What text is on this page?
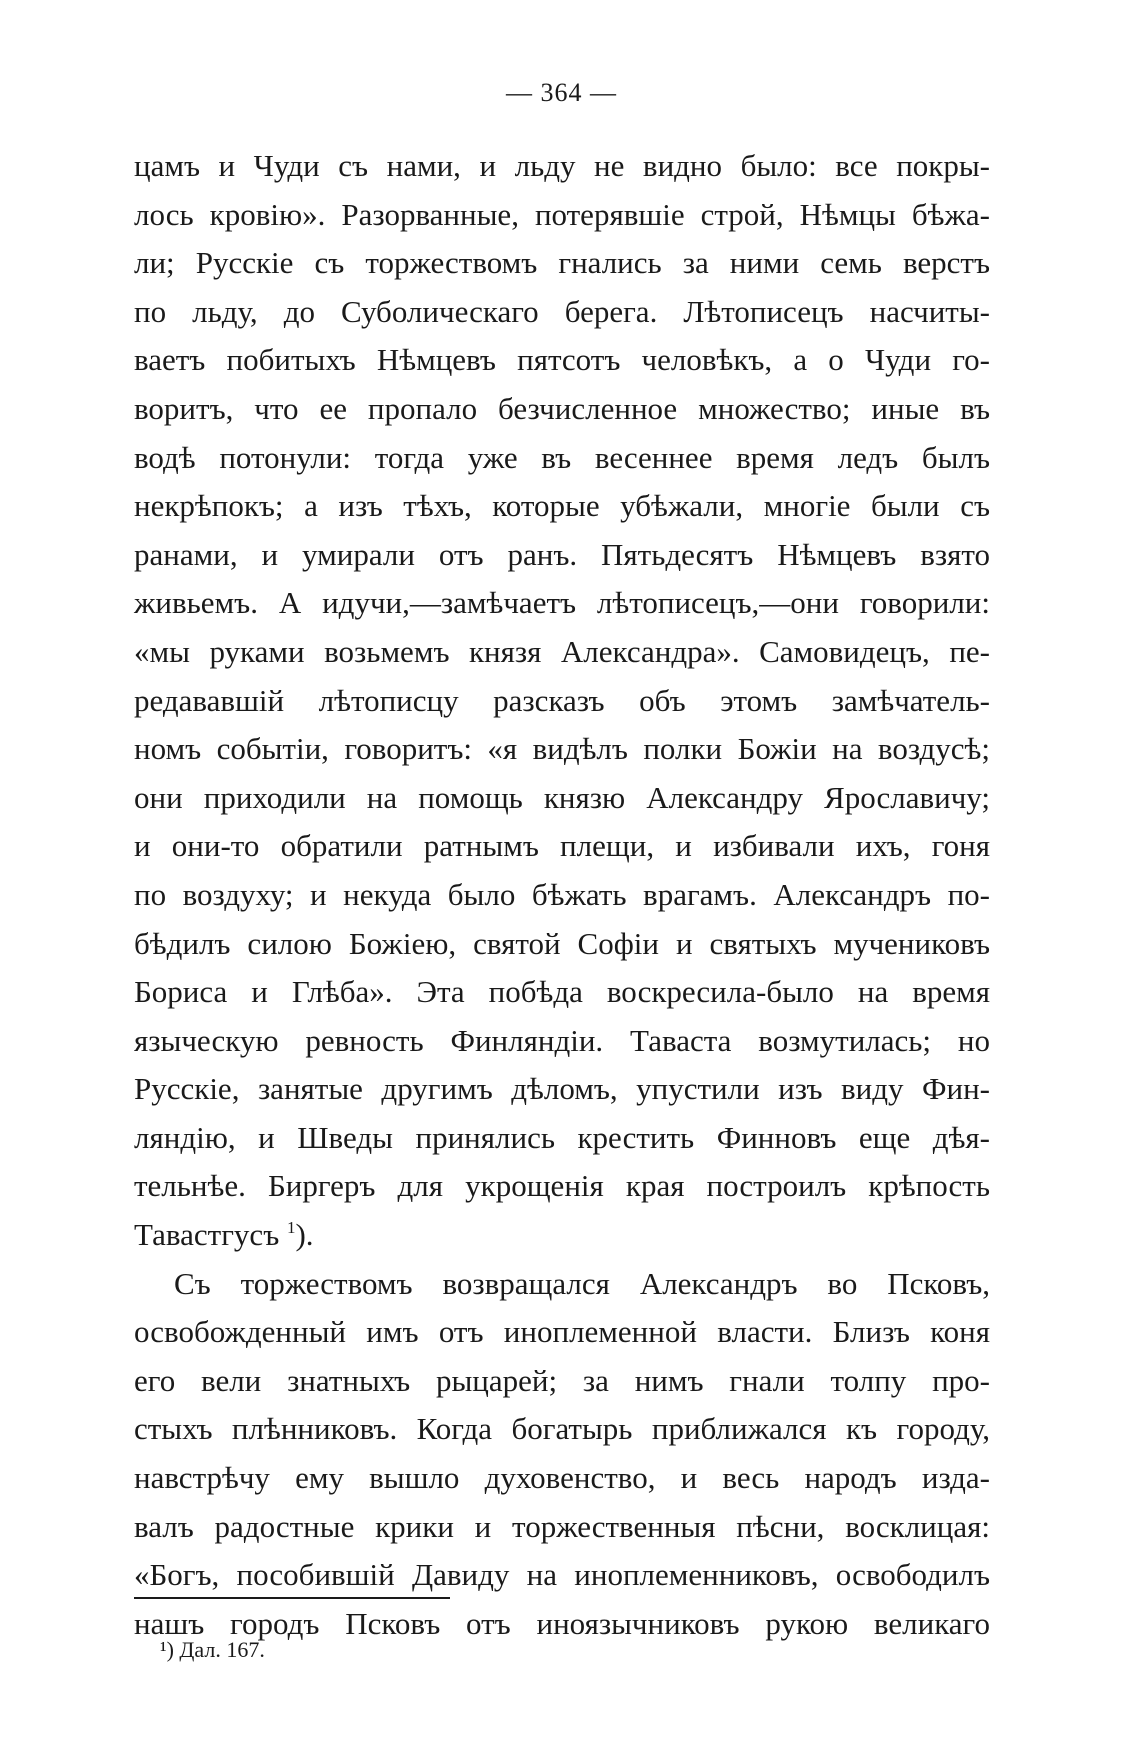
— 364 —
цамъ и Чуди съ нами, и льду не видно было: все покры-
лось кровію». Разорванные, потерявшіе строй, Нѣмцы бѣжа-
ли; Русскіе съ торжествомъ гнались за ними семь верстъ
по льду, до Суболическаго берега. Лѣтописецъ насчиты-
ваетъ побитыхъ Нѣмцевъ пятсотъ человѣкъ, а о Чуди го-
воритъ, что ее пропало безчисленное множество; иные въ
водѣ потонули: тогда уже въ весеннее время ледъ былъ
некрѣпокъ; а изъ тѣхъ, которые убѣжали, многіе были съ
ранами, и умирали отъ ранъ. Пятьдесятъ Нѣмцевъ взято
живьемъ. А идучи,—замѣчаетъ лѣтописецъ,—они говорили:
«мы руками возьмемъ князя Александра». Самовидецъ, пе-
редававшій лѣтописцу разсказъ объ этомъ замѣчатель-
номъ событіи, говоритъ: «я видѣлъ полки Божіи на воздусѣ;
они приходили на помощь князю Александру Ярославичу;
и они-то обратили ратнымъ плещи, и избивали ихъ, гоня
по воздуху; и некуда было бѣжать врагамъ. Александръ по-
бѣдилъ силою Божіею, святой Софіи и святыхъ мучениковъ
Бориса и Глѣба». Эта побѣда воскресила-было на время
языческую ревность Финляндіи. Таваста возмутилась; но
Русскіе, занятые другимъ дѣломъ, упустили изъ виду Фин-
ляндію, и Шведы принялись крестить Финновъ еще дѣя-
тельнѣе. Биргеръ для укрощенія края построилъ крѣпость
Тавастгусъ $^1$).
Съ торжествомъ возвращался Александръ во Псковъ,
освобожденный имъ отъ иноплеменной власти. Близъ коня
его вели знатныхъ рыцарей; за нимъ гнали толпу про-
стыхъ плѣнниковъ. Когда богатырь приближался къ городу,
навстрѣчу ему вышло духовенство, и весь народъ изда-
валъ радостные крики и торжественныя пѣсни, восклицая:
«Богъ, пособившій Давиду на иноплеменниковъ, освободилъ
нашъ городъ Псковъ отъ иноязычниковъ рукою великаго
¹) Дал. 167.
